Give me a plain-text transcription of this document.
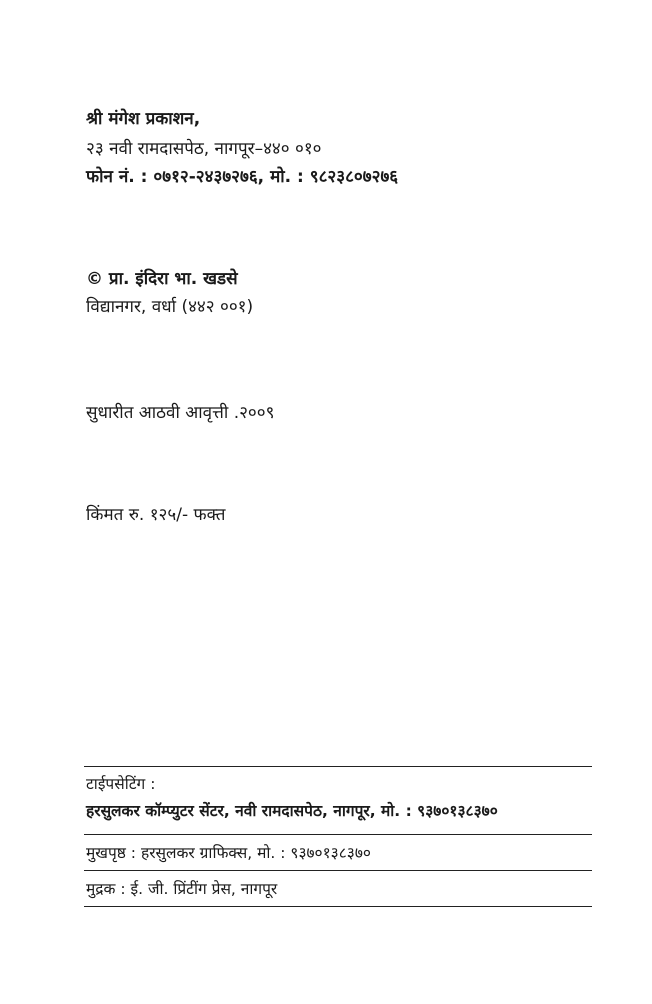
श्री मंगेश प्रकाशन,
२३ नवी रामदासपेठ, नागपूर–४४० ०१०
फोन नं. : ०७१२-२४३७२७६, मो. : ९८२३८०७२७६
© प्रा. इंदिरा भा. खडसे
विद्यानगर, वर्धा (४४२ ००१)
सुधारीत आठवी आवृत्ती .२००९
किंमत रु. १२५/- फक्त
टाईपसेटिंग :
हरसुलकर कॉम्प्युटर सेंटर, नवी रामदासपेठ, नागपूर, मो. : ९३७०१३८३७०
मुखपृष्ठ : हरसुलकर ग्राफिक्स, मो. : ९३७०१३८३७०
मुद्रक : ई. जी. प्रिंटींग प्रेस, नागपूर
